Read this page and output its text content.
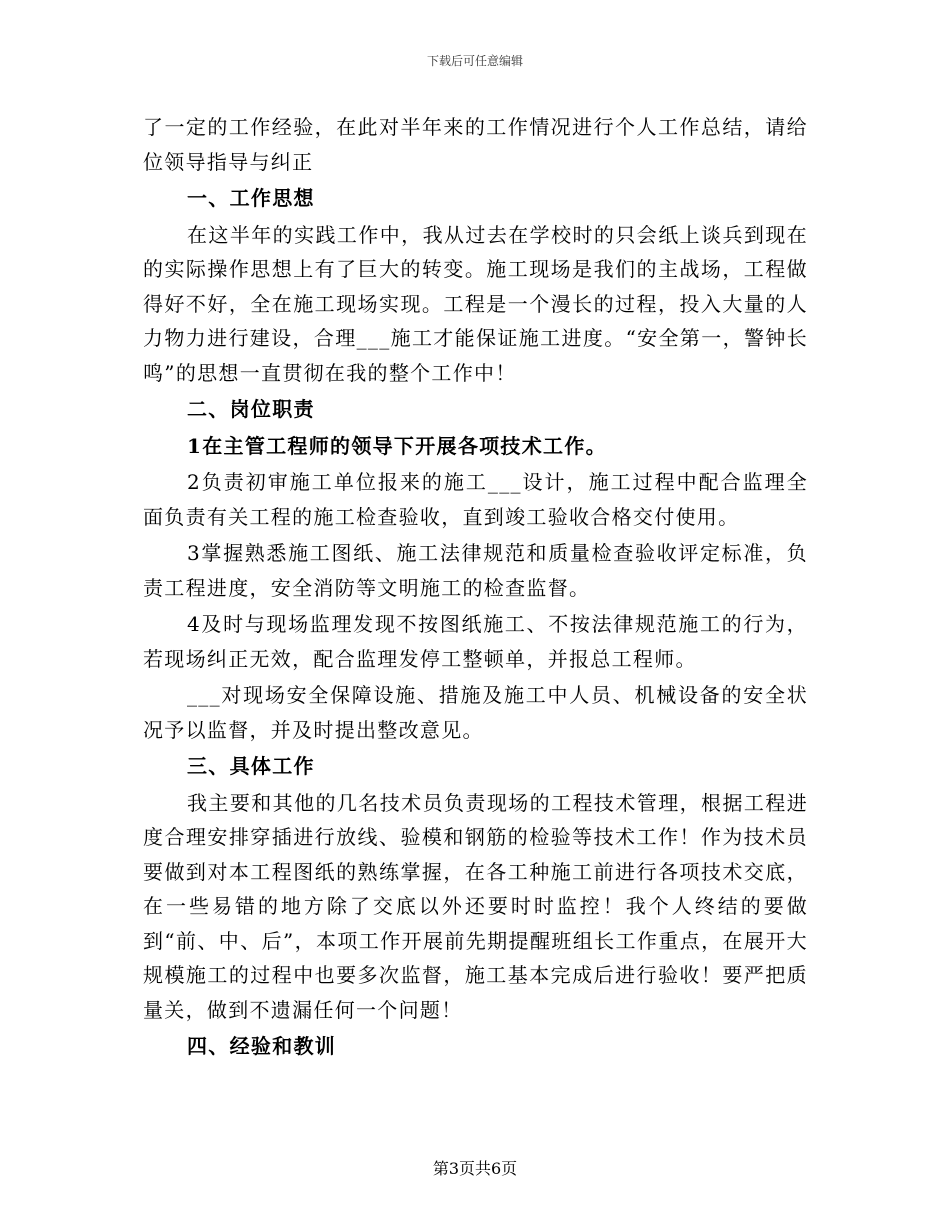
下载后可任意编辑

了一定的工作经验，在此对半年来的工作情况进行个人工作总结，请给位领导指导与纠正

一、工作思想

在这半年的实践工作中，我从过去在学校时的只会纸上谈兵到现在的实际操作思想上有了巨大的转变。施工现场是我们的主战场，工程做得好不好，全在施工现场实现。工程是一个漫长的过程，投入大量的人力物力进行建设，合理___施工才能保证施工进度。“安全第一，警钟长鸣”的思想一直贯彻在我的整个工作中！

二、岗位职责

1在主管工程师的领导下开展各项技术工作。

2负责初审施工单位报来的施工___设计，施工过程中配合监理全面负责有关工程的施工检查验收，直到竣工验收合格交付使用。

3掌握熟悉施工图纸、施工法律规范和质量检查验收评定标准，负责工程进度，安全消防等文明施工的检查监督。

4及时与现场监理发现不按图纸施工、不按法律规范施工的行为，若现场纠正无效，配合监理发停工整顿单，并报总工程师。

___对现场安全保障设施、措施及施工中人员、机械设备的安全状况予以监督，并及时提出整改意见。

三、具体工作

我主要和其他的几名技术员负责现场的工程技术管理，根据工程进度合理安排穿插进行放线、验模和钢筋的检验等技术工作！作为技术员要做到对本工程图纸的熟练掌握，在各工种施工前进行各项技术交底，在一些易错的地方除了交底以外还要时时监控！我个人终结的要做到“前、中、后”，本项工作开展前先期提醒班组长工作重点，在展开大规模施工的过程中也要多次监督，施工基本完成后进行验收！要严把质量关，做到不遗漏任何一个问题！

四、经验和教训

第3页共6页
